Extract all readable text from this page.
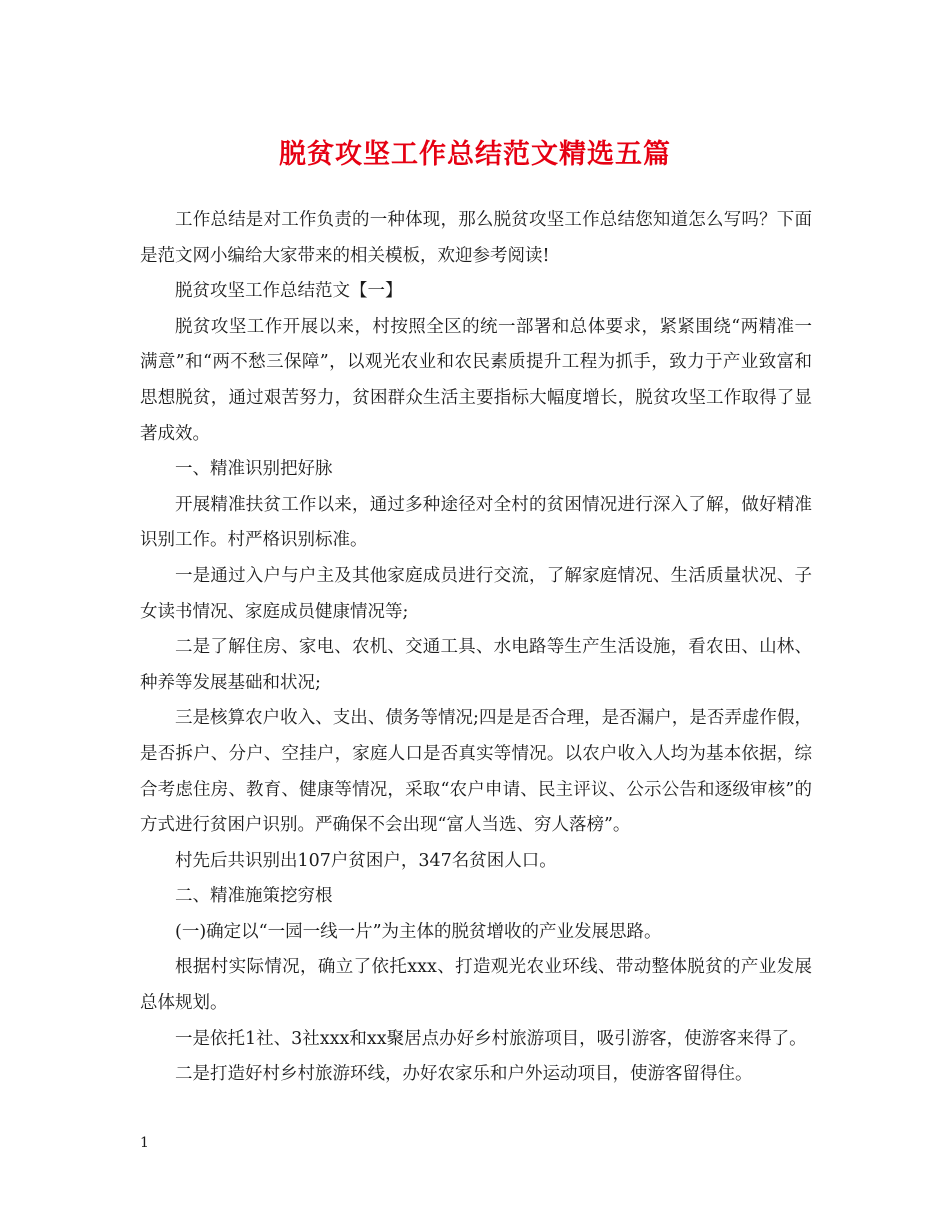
脱贫攻坚工作总结范文精选五篇

工作总结是对工作负责的一种体现，那么脱贫攻坚工作总结您知道怎么写吗？下面是范文网小编给大家带来的相关模板，欢迎参考阅读!

脱贫攻坚工作总结范文【一】

脱贫攻坚工作开展以来，村按照全区的统一部署和总体要求，紧紧围绕“两精准一满意”和“两不愁三保障”，以观光农业和农民素质提升工程为抓手，致力于产业致富和思想脱贫，通过艰苦努力，贫困群众生活主要指标大幅度增长，脱贫攻坚工作取得了显著成效。

一、精准识别把好脉

开展精准扶贫工作以来，通过多种途径对全村的贫困情况进行深入了解，做好精准识别工作。村严格识别标准。

一是通过入户与户主及其他家庭成员进行交流，了解家庭情况、生活质量状况、子女读书情况、家庭成员健康情况等;

二是了解住房、家电、农机、交通工具、水电路等生产生活设施，看农田、山林、种养等发展基础和状况;

三是核算农户收入、支出、债务等情况;四是是否合理，是否漏户，是否弄虚作假，是否拆户、分户、空挂户，家庭人口是否真实等情况。以农户收入人均为基本依据，综合考虑住房、教育、健康等情况，采取“农户申请、民主评议、公示公告和逐级审核”的方式进行贫困户识别。严确保不会出现“富人当选、穷人落榜”。

村先后共识别出107户贫困户，347名贫困人口。

二、精准施策挖穷根

(一)确定以“一园一线一片”为主体的脱贫增收的产业发展思路。

根据村实际情况，确立了依托xxx、打造观光农业环线、带动整体脱贫的产业发展总体规划。

一是依托1社、3社xxx和xx聚居点办好乡村旅游项目，吸引游客，使游客来得了。

二是打造好村乡村旅游环线，办好农家乐和户外运动项目，使游客留得住。

1
